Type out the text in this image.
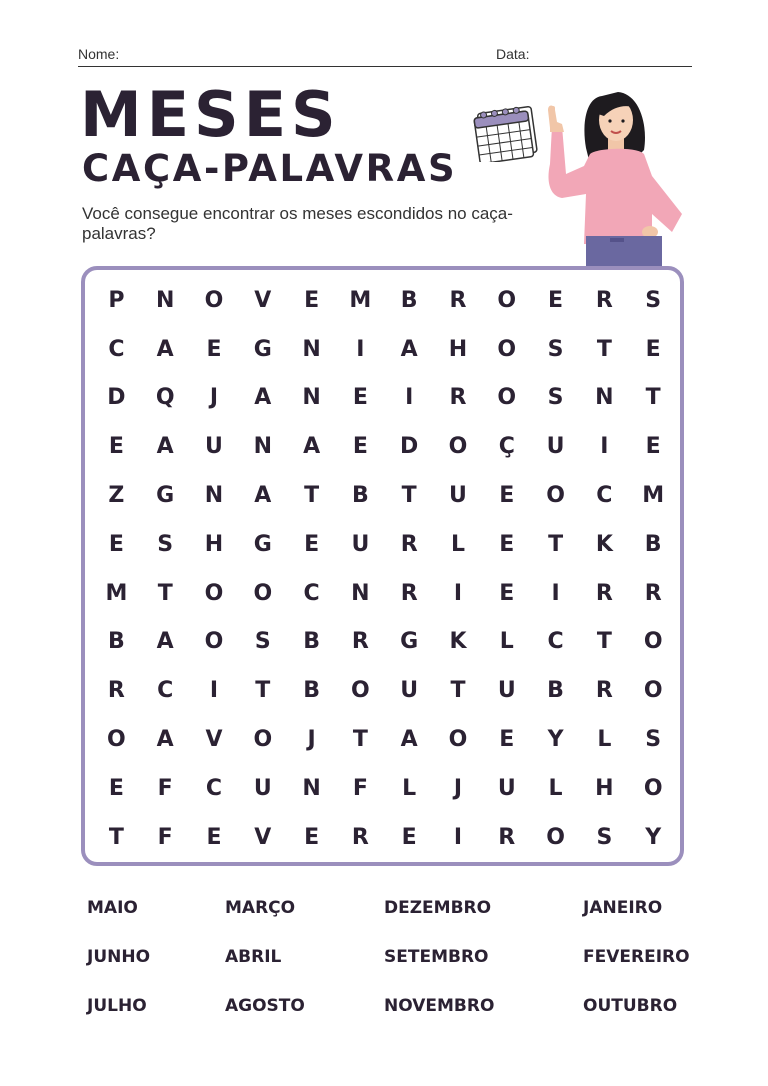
Nome:	Data:
MESES
CAÇA-PALAVRAS

Você consegue encontrar os meses escondidos no caça-palavras?

P	N	O	V	E	M	B	R	O	E	R	S
C	A	E	G	N	I	A	H	O	S	T	E
D	Q	J	A	N	E	I	R	O	S	N	T
E	A	U	N	A	E	D	O	Ç	U	I	E
Z	G	N	A	T	B	T	U	E	O	C	M
E	S	H	G	E	U	R	L	E	T	K	B
M	T	O	O	C	N	R	I	E	I	R	R
B	A	O	S	B	R	G	K	L	C	T	O
R	C	I	T	B	O	U	T	U	B	R	O
O	A	V	O	J	T	A	O	E	Y	L	S
E	F	C	U	N	F	L	J	U	L	H	O
T	F	E	V	E	R	E	I	R	O	S	Y
MAIO	MARÇO	DEZEMBRO	JANEIRO
JUNHO	ABRIL	SETEMBRO	FEVEREIRO
JULHO	AGOSTO	NOVEMBRO	OUTUBRO
